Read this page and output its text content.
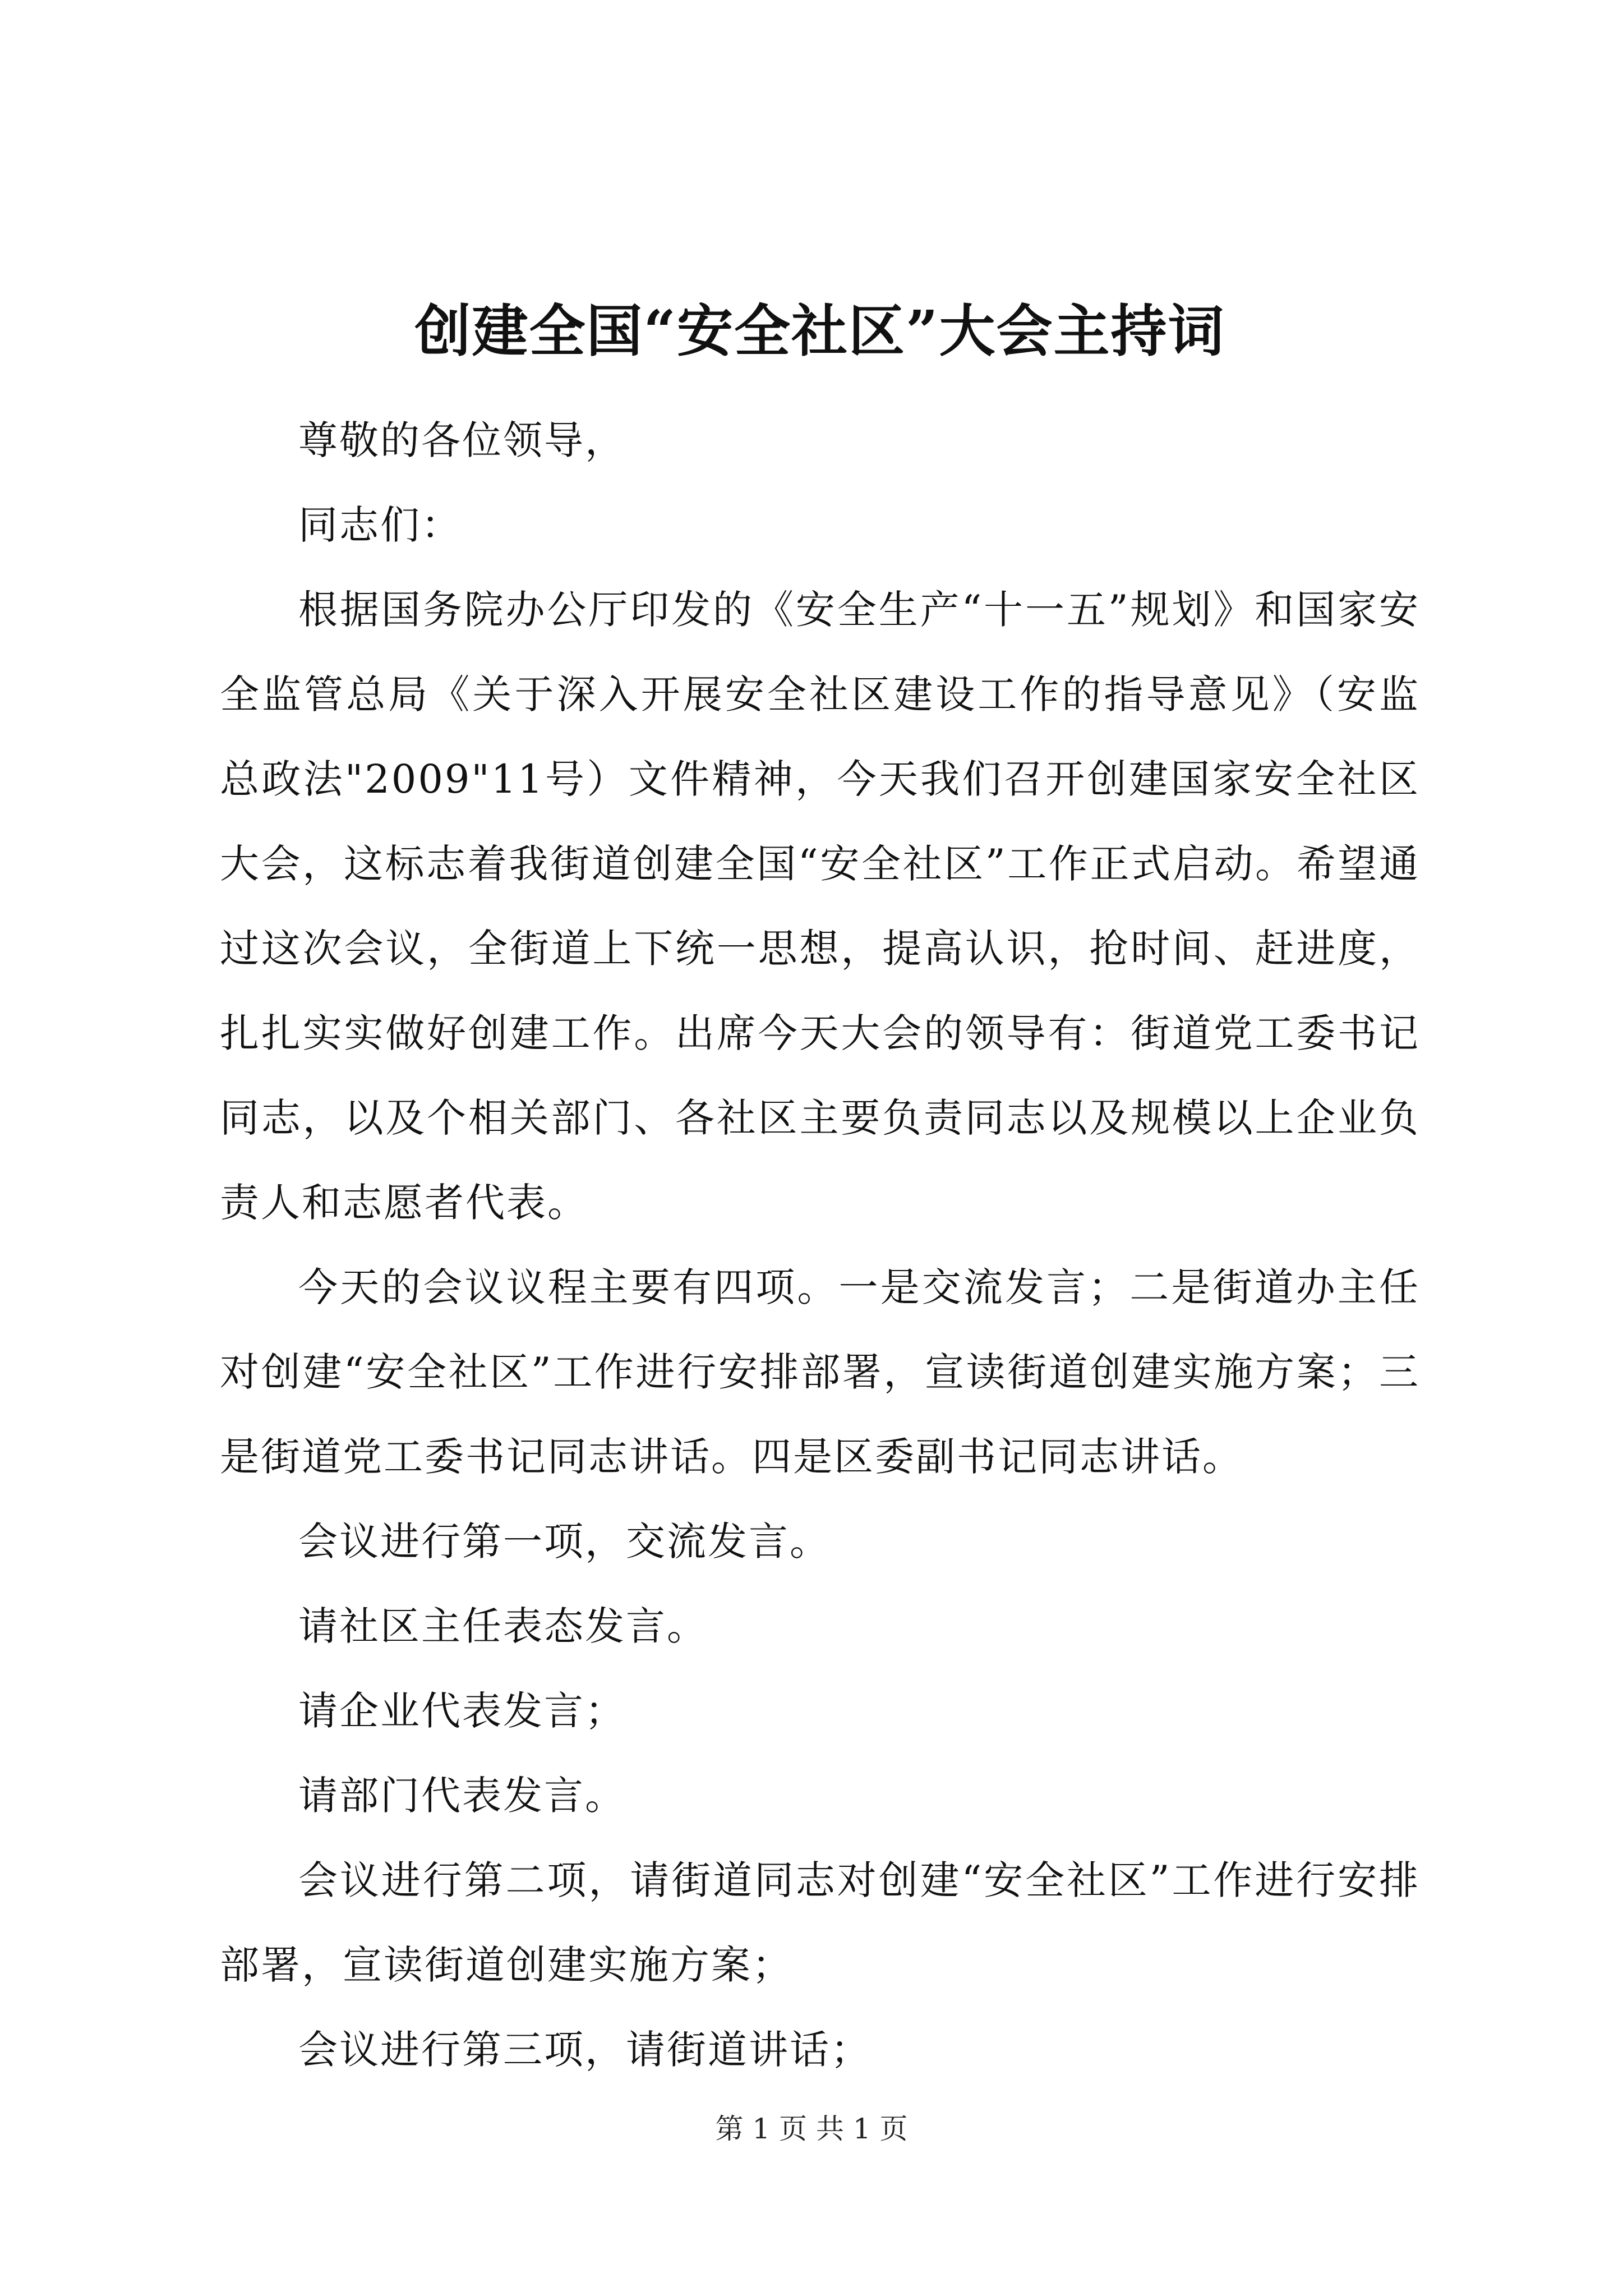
创建全国“安全社区”大会主持词

尊敬的各位领导，

同志们：

根据国务院办公厅印发的《安全生产“十一五”规划》和国家安全监管总局《关于深入开展安全社区建设工作的指导意见》（安监总政法"2009"11号）文件精神，今天我们召开创建国家安全社区大会，这标志着我街道创建全国“安全社区”工作正式启动。希望通过这次会议，全街道上下统一思想，提高认识，抢时间、赶进度，扎扎实实做好创建工作。出席今天大会的领导有：街道党工委书记同志，以及个相关部门、各社区主要负责同志以及规模以上企业负责人和志愿者代表。

今天的会议议程主要有四项。一是交流发言；二是街道办主任对创建“安全社区”工作进行安排部署，宣读街道创建实施方案；三是街道党工委书记同志讲话。四是区委副书记同志讲话。

会议进行第一项，交流发言。

请社区主任表态发言。

请企业代表发言；

请部门代表发言。

会议进行第二项，请街道同志对创建“安全社区”工作进行安排部署，宣读街道创建实施方案；

会议进行第三项，请街道讲话；

第 1 页 共 1 页
